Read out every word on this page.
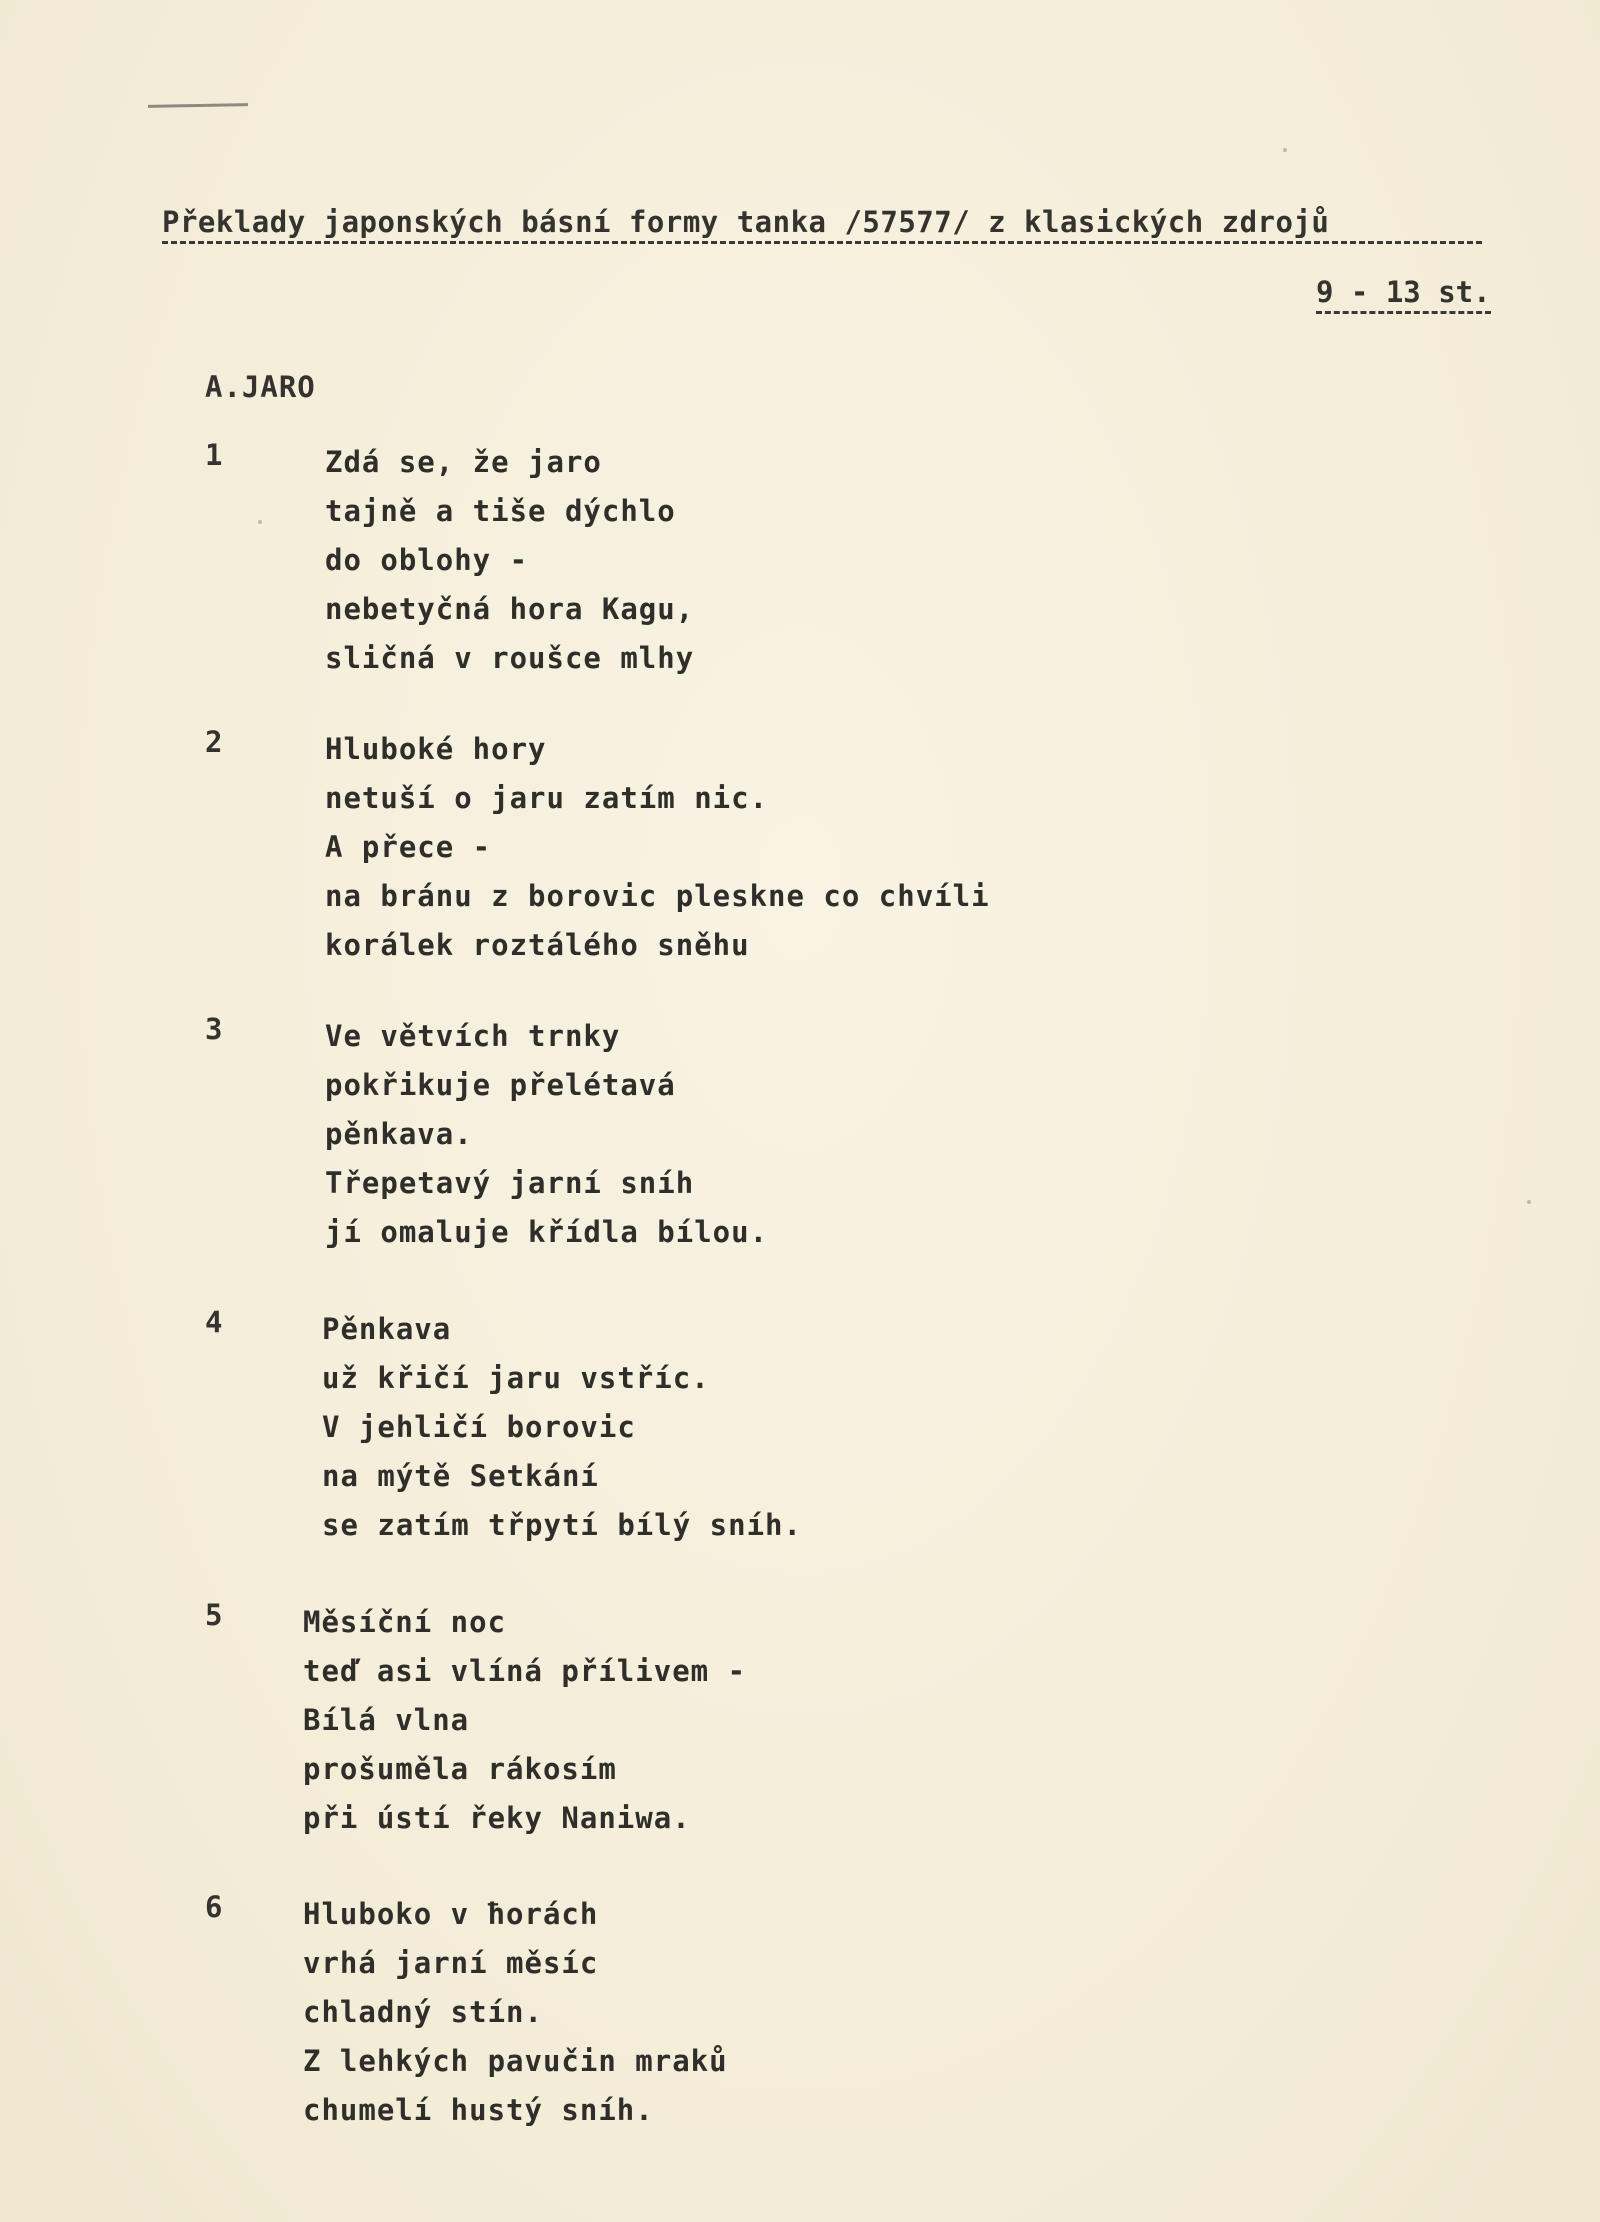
Překlady japonských básní formy tanka /57577/ z klasických zdrojů
9 - 13 st.
A.JARO
1	Zdá se, že jaro
tajně a tiše dýchlo
do oblohy -
nebetyčná hora Kagu,
sličná v roušce mlhy
2	Hluboké hory
netuší o jaru zatím nic.
A přece -
na bránu z borovic pleskne co chvíli
korálek roztálého sněhu
3	Ve větvích trnky
pokřikuje přelétavá
pěnkava.
Třepetavý jarní sníh
jí omaluje křídla bílou.
4	Pěnkava
už křičí jaru vstříc.
V jehličí borovic
na mýtě Setkání
se zatím třpytí bílý sníh.
5	Měsíční noc
teď asi vlíná přílivem -
Bílá vlna
prošuměla rákosím
při ústí řeky Naniwa.
6	Hluboko v ħorách
vrhá jarní měsíc
chladný stín.
Z lehkých pavučin mraků
chumelí hustý sníh.
